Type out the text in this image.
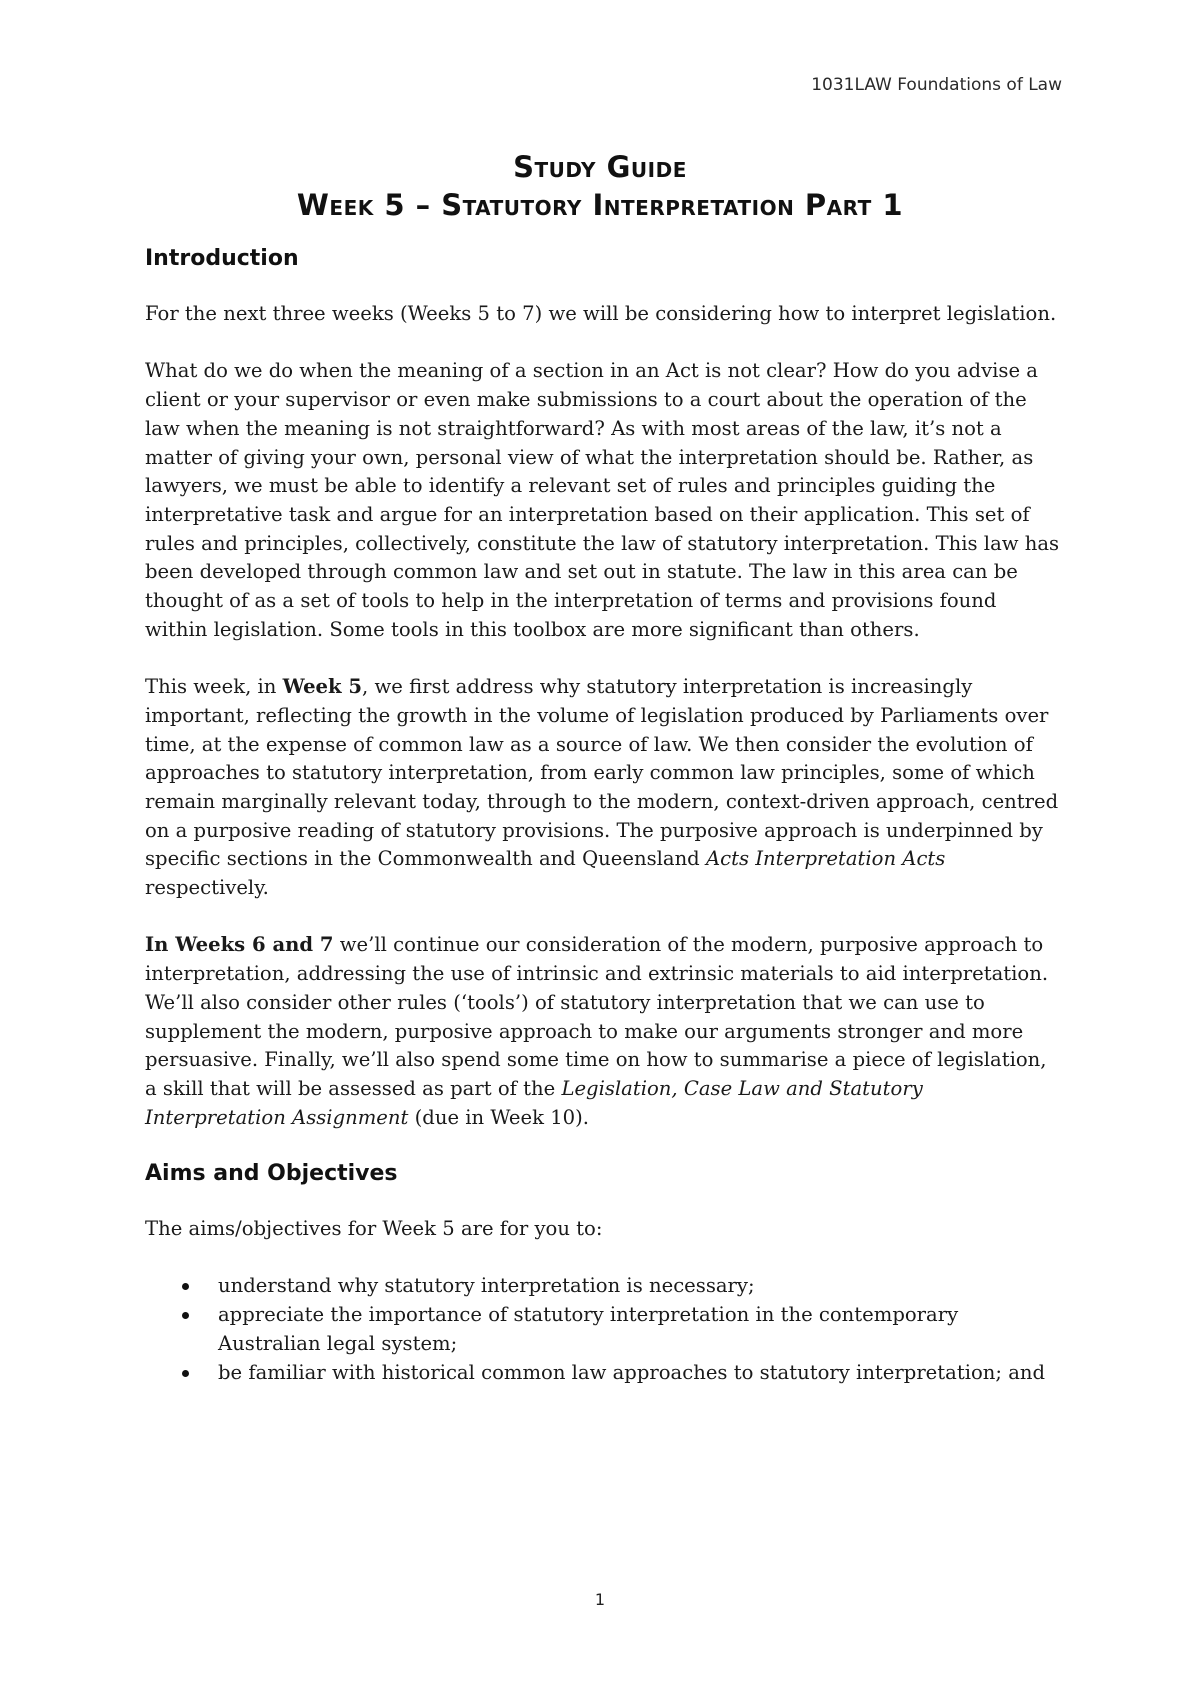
1031LAW Foundations of Law
Study Guide
Week 5 – Statutory Interpretation Part 1
Introduction

For the next three weeks (Weeks 5 to 7) we will be considering how to interpret legislation.

What do we do when the meaning of a section in an Act is not clear? How do you advise a client or your supervisor or even make submissions to a court about the operation of the law when the meaning is not straightforward? As with most areas of the law, it’s not a matter of giving your own, personal view of what the interpretation should be. Rather, as lawyers, we must be able to identify a relevant set of rules and principles guiding the interpretative task and argue for an interpretation based on their application. This set of rules and principles, collectively, constitute the law of statutory interpretation. This law has been developed through common law and set out in statute. The law in this area can be thought of as a set of tools to help in the interpretation of terms and provisions found within legislation. Some tools in this toolbox are more significant than others.

This week, in Week 5, we first address why statutory interpretation is increasingly important, reflecting the growth in the volume of legislation produced by Parliaments over time, at the expense of common law as a source of law. We then consider the evolution of approaches to statutory interpretation, from early common law principles, some of which remain marginally relevant today, through to the modern, context-driven approach, centred on a purposive reading of statutory provisions. The purposive approach is underpinned by specific sections in the Commonwealth and Queensland Acts Interpretation Acts respectively.

In Weeks 6 and 7 we’ll continue our consideration of the modern, purposive approach to interpretation, addressing the use of intrinsic and extrinsic materials to aid interpretation. We’ll also consider other rules (‘tools’) of statutory interpretation that we can use to supplement the modern, purposive approach to make our arguments stronger and more persuasive. Finally, we’ll also spend some time on how to summarise a piece of legislation, a skill that will be assessed as part of the Legislation, Case Law and Statutory Interpretation Assignment (due in Week 10).

Aims and Objectives

The aims/objectives for Week 5 are for you to:

understand why statutory interpretation is necessary;
appreciate the importance of statutory interpretation in the contemporary Australian legal system;
be familiar with historical common law approaches to statutory interpretation; and
1
